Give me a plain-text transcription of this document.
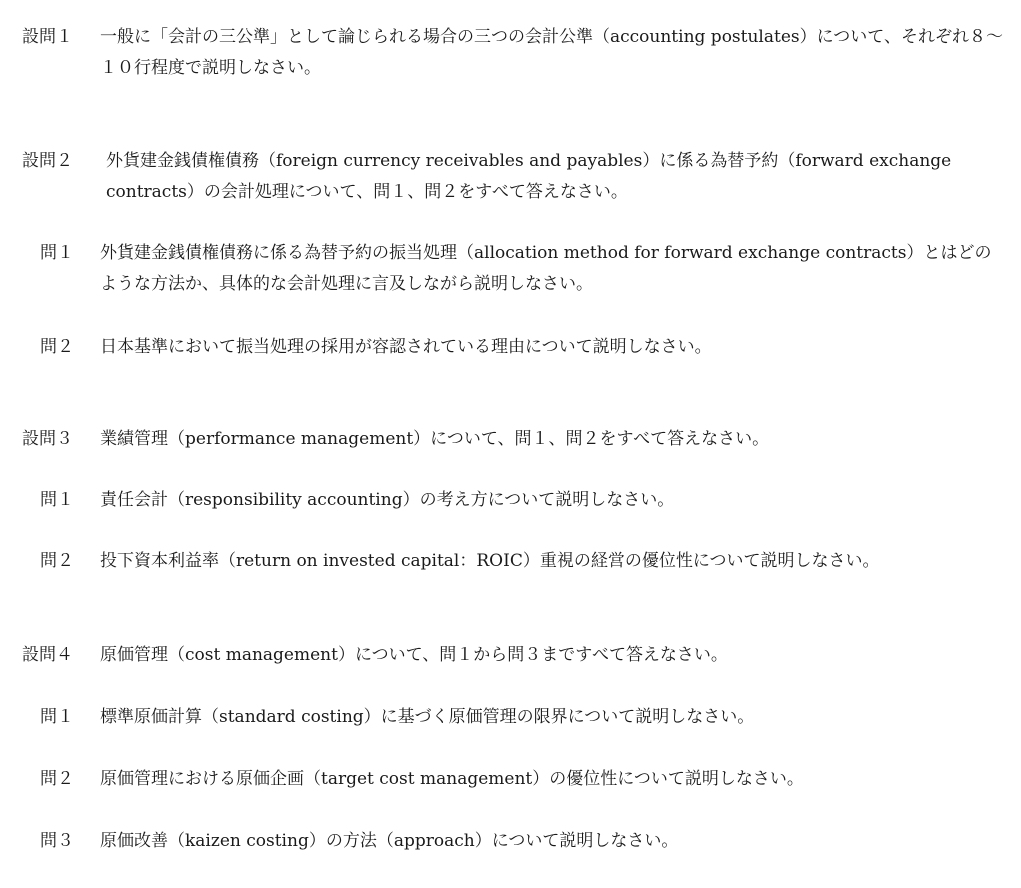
設問１ 一般に「会計の三公準」として論じられる場合の三つの会計公準（accounting postulates）について、それぞれ８～１０行程度で説明しなさい。
設問２ 外貨建金銭債権債務（foreign currency receivables and payables）に係る為替予約（forward exchange contracts）の会計処理について、問１、問２をすべて答えなさい。
問１ 外貨建金銭債権債務に係る為替予約の振当処理（allocation method for forward exchange contracts）とはどのような方法か、具体的な会計処理に言及しながら説明しなさい。
問２ 日本基準において振当処理の採用が容認されている理由について説明しなさい。
設問３ 業績管理（performance management）について、問１、問２をすべて答えなさい。
問１ 責任会計（responsibility accounting）の考え方について説明しなさい。
問２ 投下資本利益率（return on invested capital：ROIC）重視の経営の優位性について説明しなさい。
設問４ 原価管理（cost management）について、問１から問３まですべて答えなさい。
問１ 標準原価計算（standard costing）に基づく原価管理の限界について説明しなさい。
問２ 原価管理における原価企画（target cost management）の優位性について説明しなさい。
問３ 原価改善（kaizen costing）の方法（approach）について説明しなさい。
